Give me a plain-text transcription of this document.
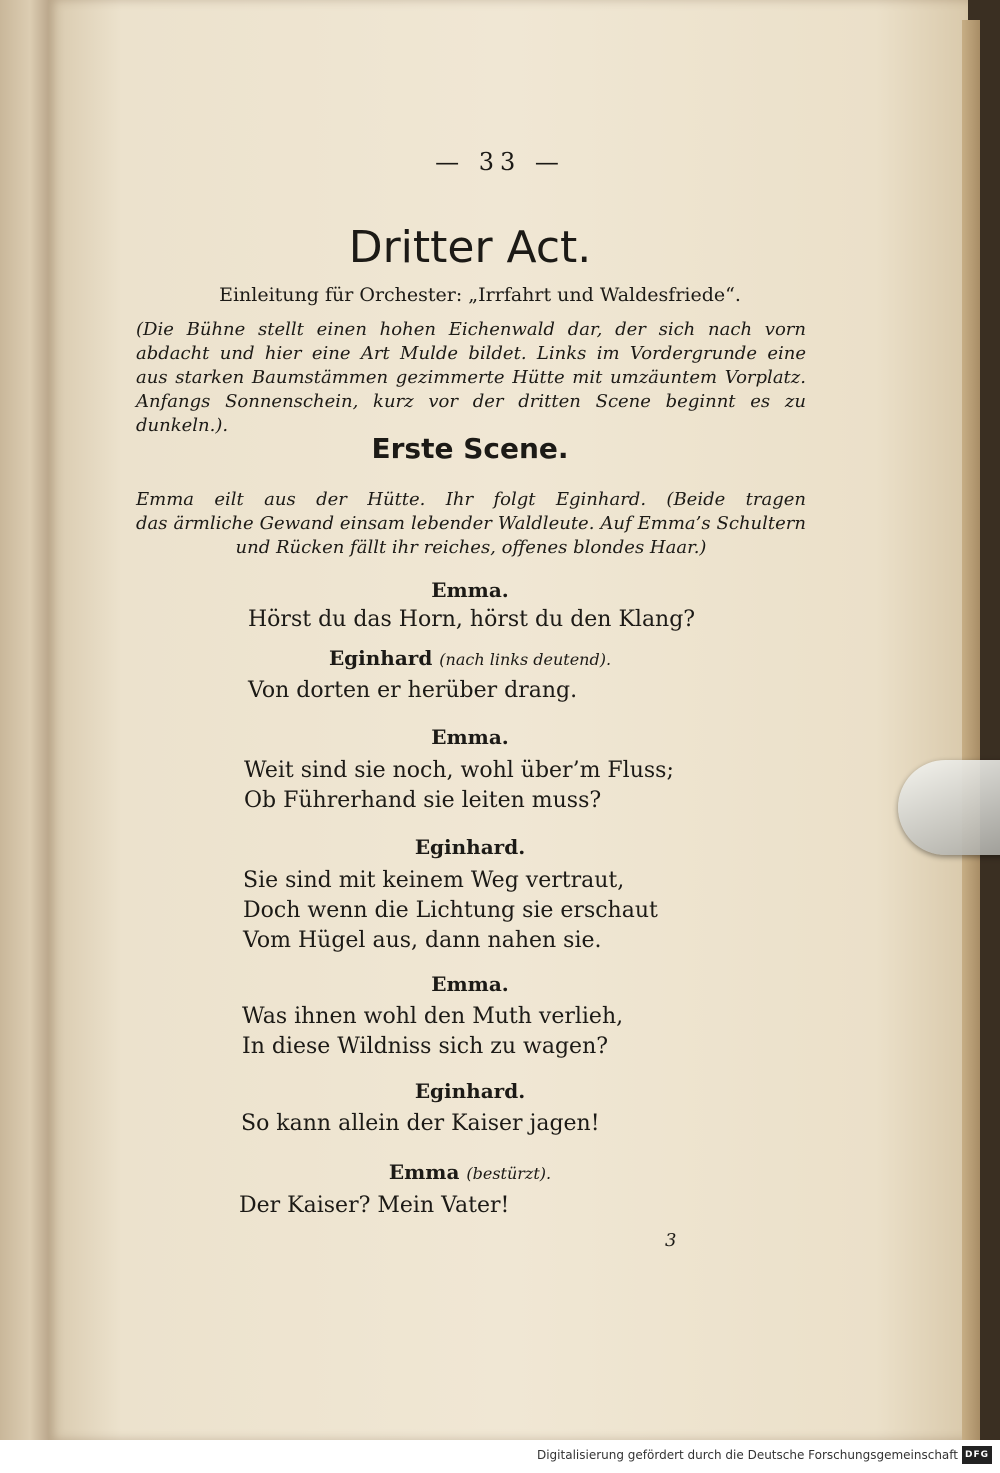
— 33 —

Dritter Act.

Einleitung für Orchester: „Irrfahrt und Waldesfriede“.

(Die Bühne stellt einen hohen Eichenwald dar, der sich nach vorn

abdacht und hier eine Art Mulde bildet. Links im Vordergrunde eine

aus starken Baumstämmen gezimmerte Hütte mit umzäuntem Vorplatz.

Anfangs Sonnenschein, kurz vor der dritten Scene beginnt es zu dunkeln.).

Erste Scene.

Emma eilt aus der Hütte. Ihr folgt Eginhard. (Beide tragen

das ärmliche Gewand einsam lebender Waldleute. Auf Emma’s Schultern

und Rücken fällt ihr reiches, offenes blondes Haar.)

Emma.

Hörst du das Horn, hörst du den Klang?

Eginhard (nach links deutend).

Von dorten er herüber drang.

Emma.

Weit sind sie noch, wohl über’m Fluss;

Ob Führerhand sie leiten muss?

Eginhard.

Sie sind mit keinem Weg vertraut,

Doch wenn die Lichtung sie erschaut

Vom Hügel aus, dann nahen sie.

Emma.

Was ihnen wohl den Muth verlieh,

In diese Wildniss sich zu wagen?

Eginhard.

So kann allein der Kaiser jagen!

Emma (bestürzt).

Der Kaiser? Mein Vater!

3

Digitalisierung gefördert durch die Deutsche Forschungsgemeinschaft DFG
